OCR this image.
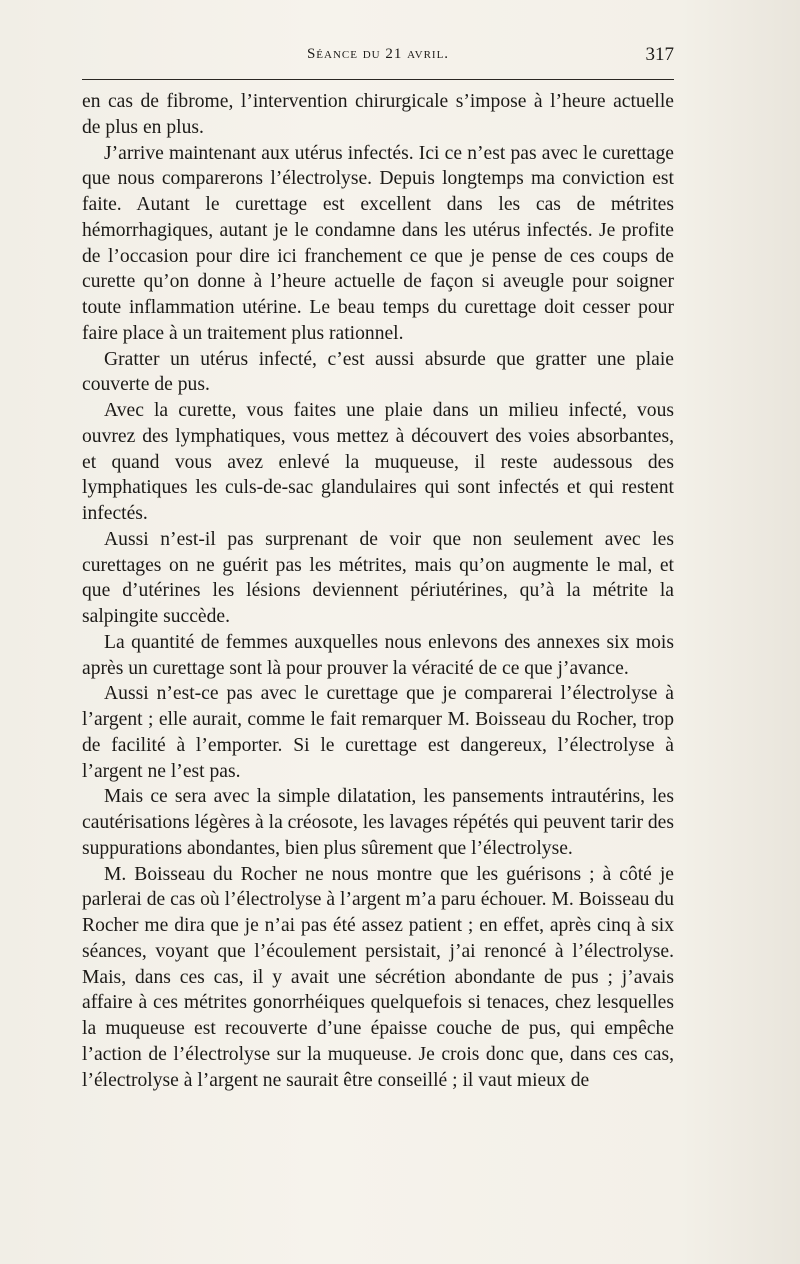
Séance du 21 avril.	317

en cas de fibrome, l’intervention chirurgicale s’impose à l’heure actuelle de plus en plus.

J’arrive maintenant aux utérus infectés. Ici ce n’est pas avec le curettage que nous comparerons l’électrolyse. Depuis longtemps ma conviction est faite. Autant le curettage est excellent dans les cas de métrites hémorrhagiques, autant je le condamne dans les utérus infectés. Je profite de l’occasion pour dire ici franchement ce que je pense de ces coups de curette qu’on donne à l’heure actuelle de façon si aveugle pour soigner toute inflammation utérine. Le beau temps du curettage doit cesser pour faire place à un traitement plus rationnel.

Gratter un utérus infecté, c’est aussi absurde que gratter une plaie couverte de pus.

Avec la curette, vous faites une plaie dans un milieu infecté, vous ouvrez des lymphatiques, vous mettez à découvert des voies absorbantes, et quand vous avez enlevé la muqueuse, il reste audessous des lymphatiques les culs-de-sac glandulaires qui sont infectés et qui restent infectés.

Aussi n’est-il pas surprenant de voir que non seulement avec les curettages on ne guérit pas les métrites, mais qu’on augmente le mal, et que d’utérines les lésions deviennent périutérines, qu’à la métrite la salpingite succède.

La quantité de femmes auxquelles nous enlevons des annexes six mois après un curettage sont là pour prouver la véracité de ce que j’avance.

Aussi n’est-ce pas avec le curettage que je comparerai l’électrolyse à l’argent ; elle aurait, comme le fait remarquer M. Boisseau du Rocher, trop de facilité à l’emporter. Si le curettage est dangereux, l’électrolyse à l’argent ne l’est pas.

Mais ce sera avec la simple dilatation, les pansements intrautérins, les cautérisations légères à la créosote, les lavages répétés qui peuvent tarir des suppurations abondantes, bien plus sûrement que l’électrolyse.

M. Boisseau du Rocher ne nous montre que les guérisons ; à côté je parlerai de cas où l’électrolyse à l’argent m’a paru échouer. M. Boisseau du Rocher me dira que je n’ai pas été assez patient ; en effet, après cinq à six séances, voyant que l’écoulement persistait, j’ai renoncé à l’électrolyse. Mais, dans ces cas, il y avait une sécrétion abondante de pus ; j’avais affaire à ces métrites gonorrhéiques quelquefois si tenaces, chez lesquelles la muqueuse est recouverte d’une épaisse couche de pus, qui empêche l’action de l’électrolyse sur la muqueuse. Je crois donc que, dans ces cas, l’électrolyse à l’argent ne saurait être conseillé ; il vaut mieux de
